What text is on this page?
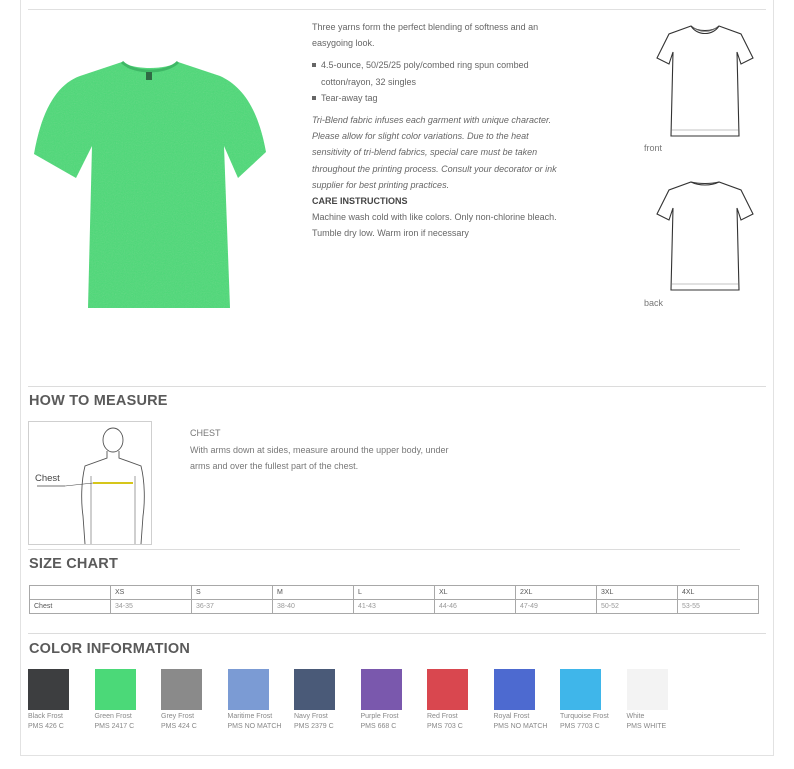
Three yarns form the perfect blending of softness and an easygoing look.

4.5-ounce, 50/25/25 poly/combed ring spun combed cotton/rayon, 32 singles
Tear-away tag

Tri-Blend fabric infuses each garment with unique character. Please allow for slight color variations. Due to the heat sensitivity of tri-blend fabrics, special care must be taken throughout the printing process. Consult your decorator or ink supplier for best printing practices.

CARE INSTRUCTIONS

Machine wash cold with like colors. Only non-chlorine bleach. Tumble dry low. Warm iron if necessary

front
back
HOW TO MEASURE
Chest
CHEST
With arms down at sides, measure around the upper body, under arms and over the fullest part of the chest.
SIZE CHART
	XS	S	M	L	XL	2XL	3XL	4XL
Chest	34-35	36-37	38-40	41-43	44-46	47-49	50-52	53-55
COLOR INFORMATION
Black Frost
PMS 426 C
Green Frost
PMS 2417 C
Grey Frost
PMS 424 C
Maritime Frost
PMS NO MATCH
Navy Frost
PMS 2379 C
Purple Frost
PMS 668 C
Red Frost
PMS 703 C
Royal Frost
PMS NO MATCH
Turquoise Frost
PMS 7703 C
White
PMS WHITE
